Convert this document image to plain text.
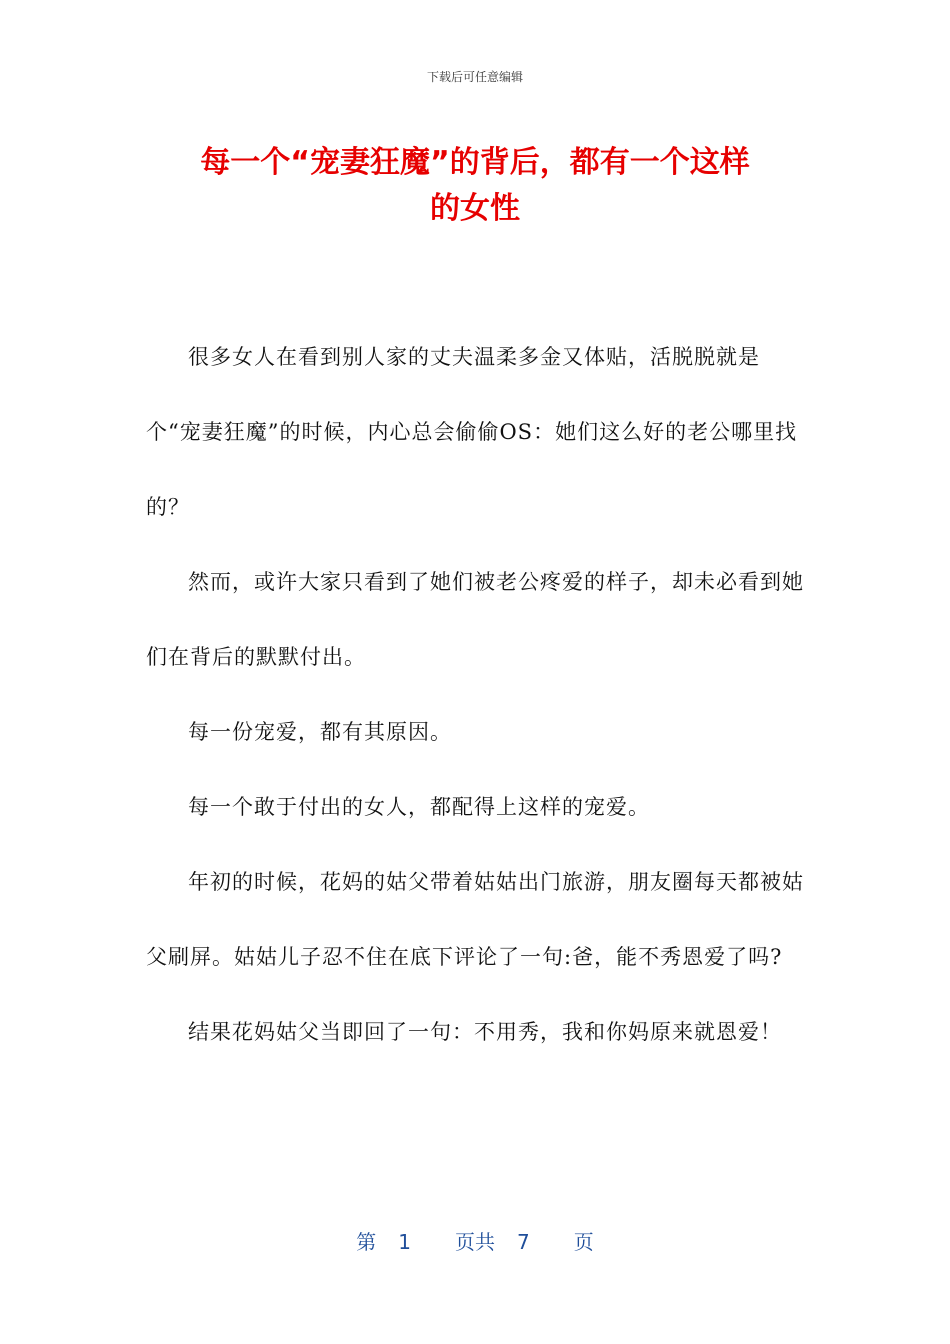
下载后可任意编辑
每一个“宠妻狂魔”的背后，都有一个这样
的女性

很多女人在看到别人家的丈夫温柔多金又体贴，活脱脱就是个“宠妻狂魔”的时候，内心总会偷偷OS：她们这么好的老公哪里找的？

然而，或许大家只看到了她们被老公疼爱的样子，却未必看到她们在背后的默默付出。

每一份宠爱，都有其原因。

每一个敢于付出的女人，都配得上这样的宠爱。

年初的时候，花妈的姑父带着姑姑出门旅游，朋友圈每天都被姑父刷屏。姑姑儿子忍不住在底下评论了一句:爸，能不秀恩爱了吗?

结果花妈姑父当即回了一句：不用秀，我和你妈原来就恩爱！

第 1 页共 7 页
